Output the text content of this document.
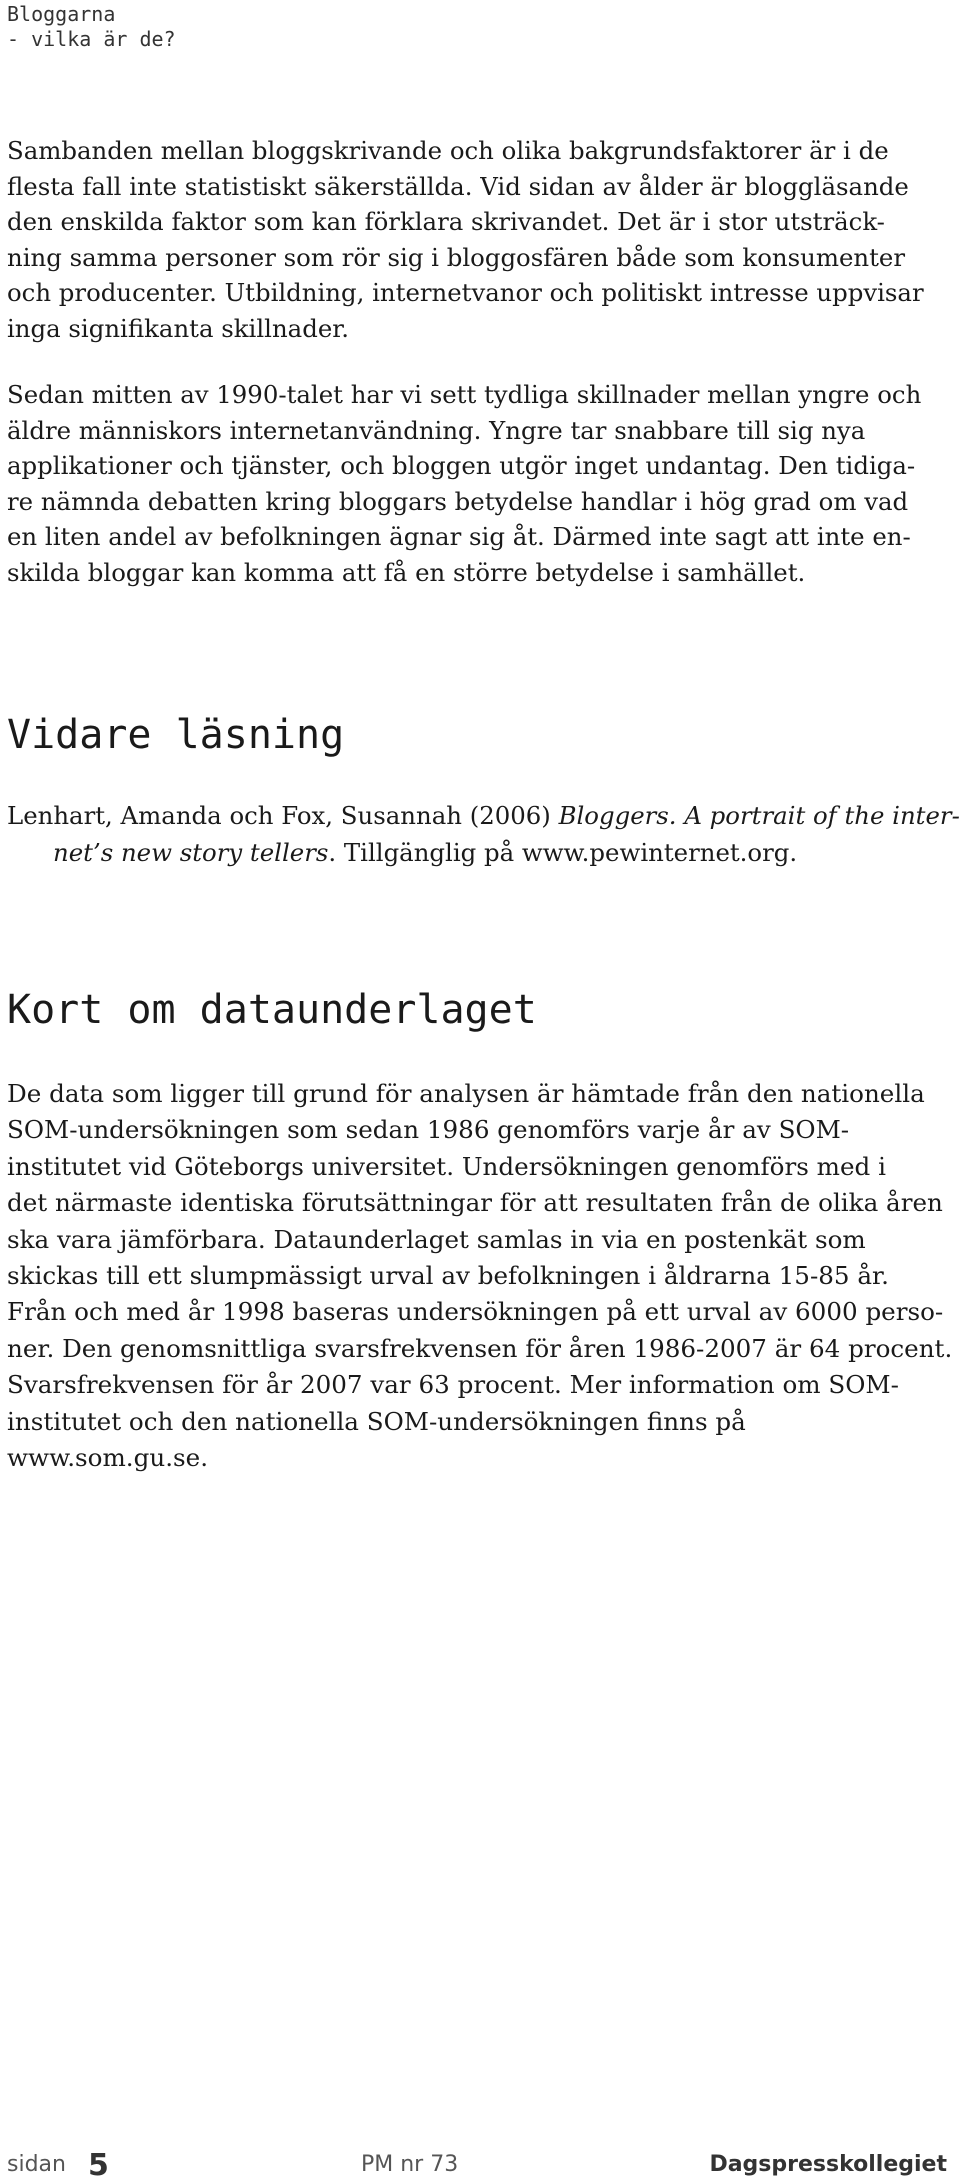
Bloggarna
- vilka är de?

Sambanden mellan bloggskrivande och olika bakgrundsfaktorer är i de
flesta fall inte statistiskt säkerställda. Vid sidan av ålder är bloggläsande
den enskilda faktor som kan förklara skrivandet. Det är i stor utsträck-
ning samma personer som rör sig i bloggosfären både som konsumenter
och producenter. Utbildning, internetvanor och politiskt intresse uppvisar
inga signifikanta skillnader.

Sedan mitten av 1990-talet har vi sett tydliga skillnader mellan yngre och
äldre människors internetanvändning. Yngre tar snabbare till sig nya
applikationer och tjänster, och bloggen utgör inget undantag. Den tidiga-
re nämnda debatten kring bloggars betydelse handlar i hög grad om vad
en liten andel av befolkningen ägnar sig åt. Därmed inte sagt att inte en-
skilda bloggar kan komma att få en större betydelse i samhället.

Vidare läsning
Lenhart, Amanda och Fox, Susannah (2006) Bloggers. A portrait of the inter-
net’s new story tellers. Tillgänglig på www.pewinternet.org.
Kort om dataunderlaget

De data som ligger till grund för analysen är hämtade från den nationella
SOM-undersökningen som sedan 1986 genomförs varje år av SOM-
institutet vid Göteborgs universitet. Undersökningen genomförs med i
det närmaste identiska förutsättningar för att resultaten från de olika åren
ska vara jämförbara. Dataunderlaget samlas in via en postenkät som
skickas till ett slumpmässigt urval av befolkningen i åldrarna 15-85 år.
Från och med år 1998 baseras undersökningen på ett urval av 6000 perso-
ner. Den genomsnittliga svarsfrekvensen för åren 1986-2007 är 64 procent.
Svarsfrekvensen för år 2007 var 63 procent. Mer information om SOM-
institutet och den nationella SOM-undersökningen finns på
www.som.gu.se.

sidan 5	PM nr 73	Dagspresskollegiet
